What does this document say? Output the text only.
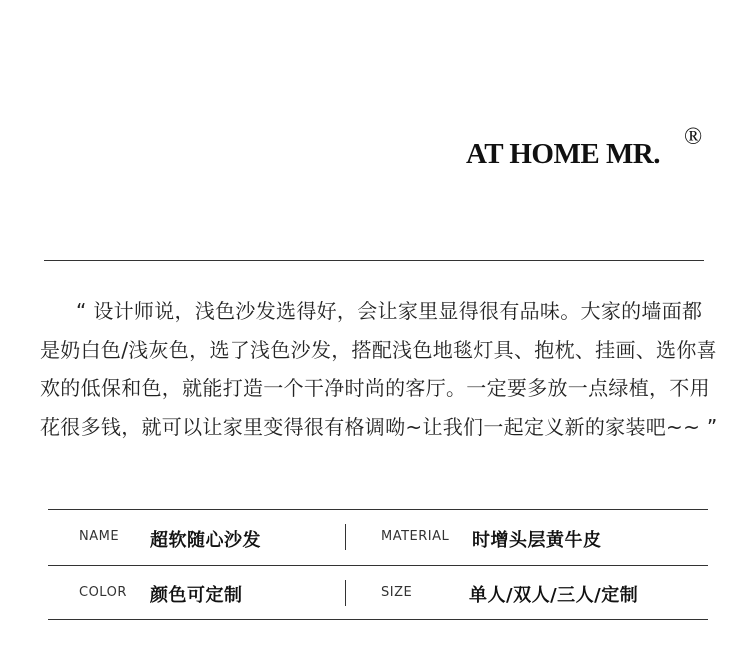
AT HOME MR.
®

“ 设计师说，浅色沙发选得好，会让家里显得很有品味。大家的墙面都是奶白色/浅灰色，选了浅色沙发，搭配浅色地毯灯具、抱枕、挂画、选你喜欢的低保和色，就能打造一个干净时尚的客厅。一定要多放一点绿植，不用花很多钱，就可以让家里变得很有格调呦~让我们一起定义新的家装吧~~ ”

NAME 超软随心沙发	MATERIAL 时增头层黄牛皮
COLOR 颜色可定制	SIZE	单人/双人/三人/定制
